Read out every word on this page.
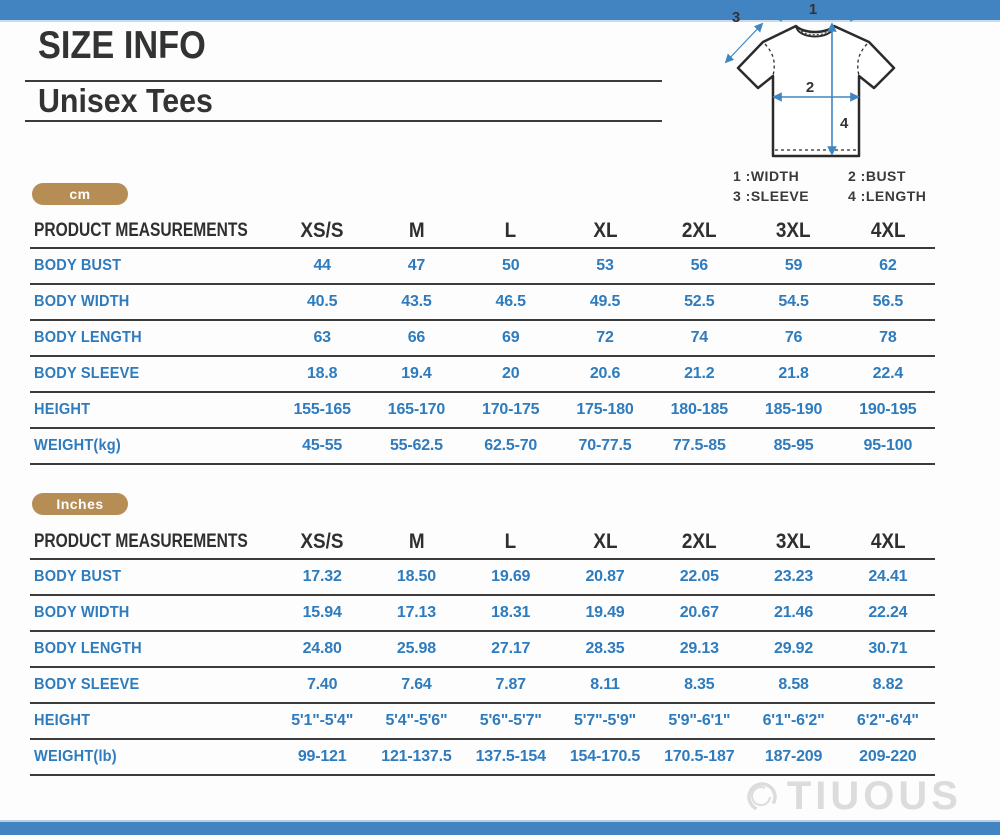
SIZE INFO
Unisex Tees
1
2
3
4
1 :WIDTH	2 :BUST
3 :SLEEVE	4 :LENGTH
cm
Inches
PRODUCT MEASUREMENTS	XS/S	M	L	XL	2XL	3XL	4XL
BODY BUST	44	47	50	53	56	59	62
BODY WIDTH	40.5	43.5	46.5	49.5	52.5	54.5	56.5
BODY LENGTH	63	66	69	72	74	76	78
BODY SLEEVE	18.8	19.4	20	20.6	21.2	21.8	22.4
HEIGHT	155-165	165-170	170-175	175-180	180-185	185-190	190-195
WEIGHT(kg)	45-55	55-62.5	62.5-70	70-77.5	77.5-85	85-95	95-100
PRODUCT MEASUREMENTS	XS/S	M	L	XL	2XL	3XL	4XL
BODY BUST	17.32	18.50	19.69	20.87	22.05	23.23	24.41
BODY WIDTH	15.94	17.13	18.31	19.49	20.67	21.46	22.24
BODY LENGTH	24.80	25.98	27.17	28.35	29.13	29.92	30.71
BODY SLEEVE	7.40	7.64	7.87	8.11	8.35	8.58	8.82
HEIGHT	5'1"-5'4"	5'4"-5'6"	5'6"-5'7"	5'7"-5'9"	5'9"-6'1"	6'1"-6'2"	6'2"-6'4"
WEIGHT(lb)	99-121	121-137.5	137.5-154	154-170.5	170.5-187	187-209	209-220
TIUOUS
